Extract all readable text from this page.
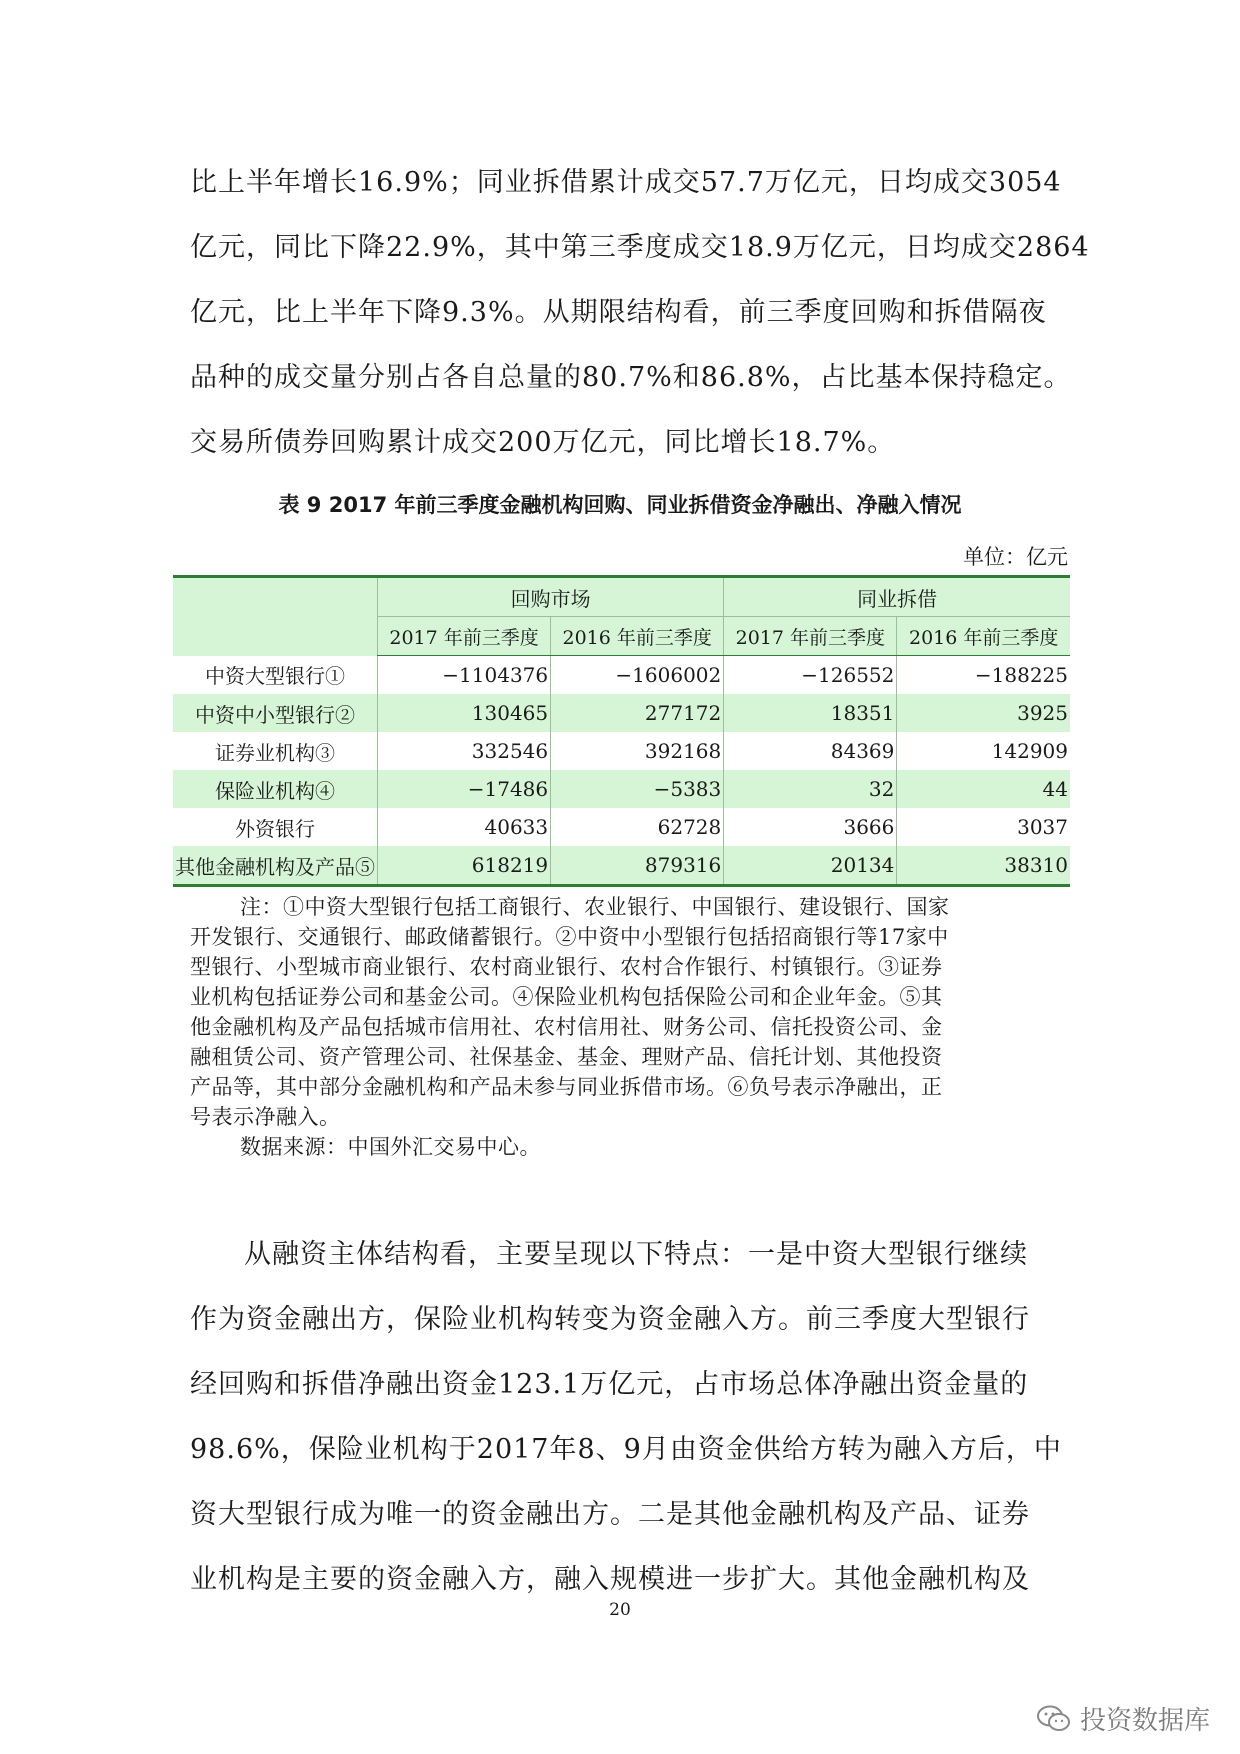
比上半年增长16.9%；同业拆借累计成交57.7万亿元，日均成交3054

亿元，同比下降22.9%，其中第三季度成交18.9万亿元，日均成交2864

亿元，比上半年下降9.3%。从期限结构看，前三季度回购和拆借隔夜

品种的成交量分别占各自总量的80.7%和86.8%，占比基本保持稳定。

交易所债券回购累计成交200万亿元，同比增长18.7%。

表 9 2017 年前三季度金融机构回购、同业拆借资金净融出、净融入情况
单位：亿元
	回购市场		同业拆借	
	2017 年前三季度	2016 年前三季度	2017 年前三季度	2016 年前三季度
中资大型银行①	−1104376	−1606002	−126552	−188225
中资中小型银行②	130465	277172	18351	3925
证券业机构③	332546	392168	84369	142909
保险业机构④	−17486	−5383	32	44
外资银行	40633	62728	3666	3037
其他金融机构及产品⑤	618219	879316	20134	38310

注：①中资大型银行包括工商银行、农业银行、中国银行、建设银行、国家

开发银行、交通银行、邮政储蓄银行。②中资中小型银行包括招商银行等17家中

型银行、小型城市商业银行、农村商业银行、农村合作银行、村镇银行。③证券

业机构包括证券公司和基金公司。④保险业机构包括保险公司和企业年金。⑤其

他金融机构及产品包括城市信用社、农村信用社、财务公司、信托投资公司、金

融租赁公司、资产管理公司、社保基金、基金、理财产品、信托计划、其他投资

产品等，其中部分金融机构和产品未参与同业拆借市场。⑥负号表示净融出，正

号表示净融入。

数据来源：中国外汇交易中心。

从融资主体结构看，主要呈现以下特点：一是中资大型银行继续

作为资金融出方，保险业机构转变为资金融入方。前三季度大型银行

经回购和拆借净融出资金123.1万亿元，占市场总体净融出资金量的

98.6%，保险业机构于2017年8、9月由资金供给方转为融入方后，中

资大型银行成为唯一的资金融出方。二是其他金融机构及产品、证券

业机构是主要的资金融入方，融入规模进一步扩大。其他金融机构及

20
投资数据库
